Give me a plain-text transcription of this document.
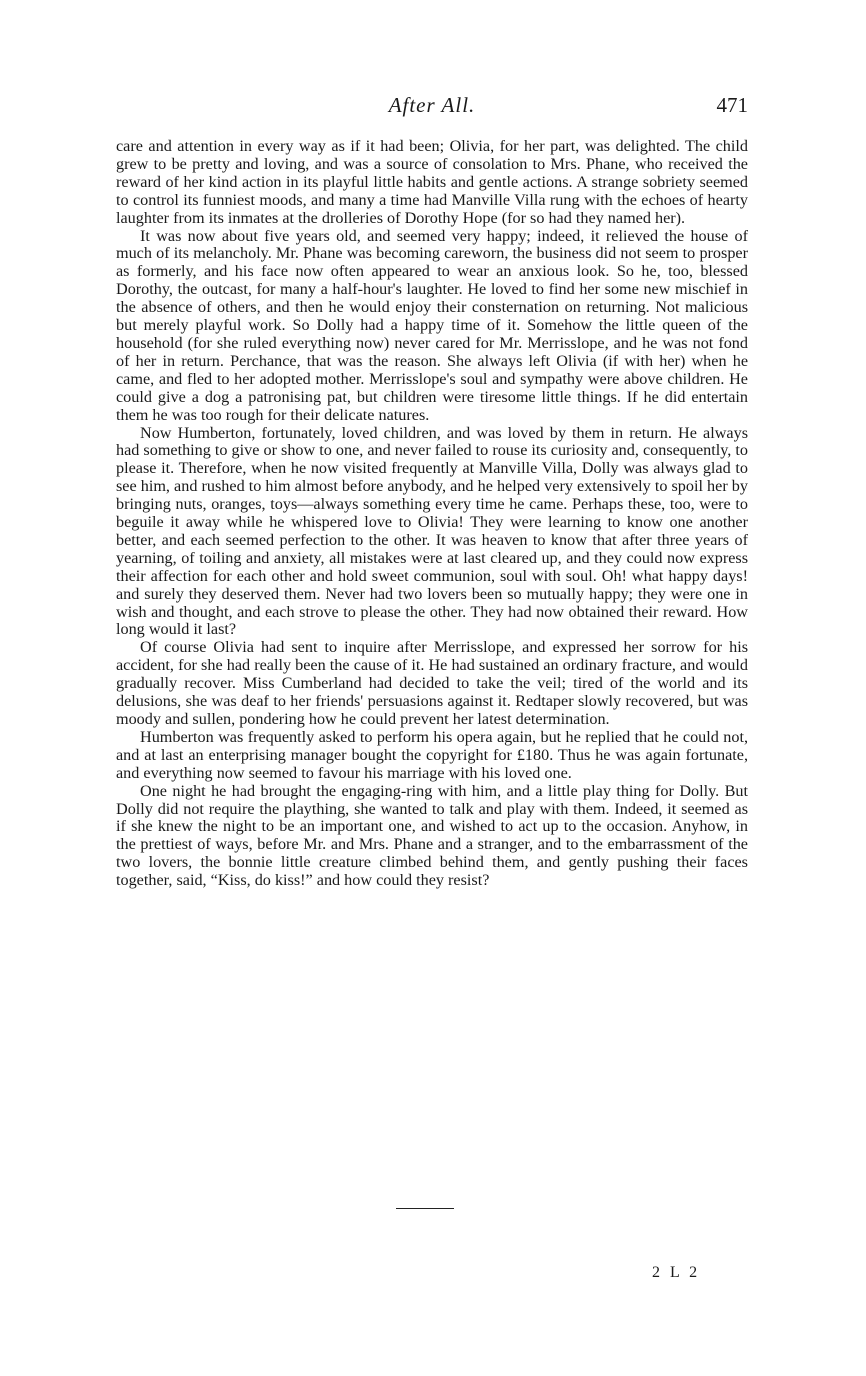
After All.	471

care and attention in every way as if it had been; Olivia, for her part, was delighted. The child grew to be pretty and loving, and was a source of consolation to Mrs. Phane, who received the reward of her kind action in its playful little habits and gentle actions. A strange sobriety seemed to control its funniest moods, and many a time had Manville Villa rung with the echoes of hearty laughter from its inmates at the drolleries of Dorothy Hope (for so had they named her).

It was now about five years old, and seemed very happy; indeed, it relieved the house of much of its melancholy. Mr. Phane was becoming careworn, the business did not seem to prosper as formerly, and his face now often appeared to wear an anxious look. So he, too, blessed Dorothy, the outcast, for many a half-hour's laughter. He loved to find her some new mischief in the absence of others, and then he would enjoy their consternation on returning. Not malicious but merely playful work. So Dolly had a happy time of it. Somehow the little queen of the household (for she ruled everything now) never cared for Mr. Merrisslope, and he was not fond of her in return. Perchance, that was the reason. She always left Olivia (if with her) when he came, and fled to her adopted mother. Merrisslope's soul and sympathy were above children. He could give a dog a patronising pat, but children were tiresome little things. If he did entertain them he was too rough for their delicate natures.

Now Humberton, fortunately, loved children, and was loved by them in return. He always had something to give or show to one, and never failed to rouse its curiosity and, consequently, to please it. Therefore, when he now visited frequently at Manville Villa, Dolly was always glad to see him, and rushed to him almost before anybody, and he helped very extensively to spoil her by bringing nuts, oranges, toys—always something every time he came. Perhaps these, too, were to beguile it away while he whispered love to Olivia! They were learning to know one another better, and each seemed perfection to the other. It was heaven to know that after three years of yearning, of toiling and anxiety, all mistakes were at last cleared up, and they could now express their affection for each other and hold sweet communion, soul with soul. Oh! what happy days! and surely they deserved them. Never had two lovers been so mutually happy; they were one in wish and thought, and each strove to please the other. They had now obtained their reward. How long would it last?

Of course Olivia had sent to inquire after Merrisslope, and expressed her sorrow for his accident, for she had really been the cause of it. He had sustained an ordinary fracture, and would gradually recover. Miss Cumberland had decided to take the veil; tired of the world and its delusions, she was deaf to her friends' persuasions against it. Redtaper slowly recovered, but was moody and sullen, pondering how he could prevent her latest determination.

Humberton was frequently asked to perform his opera again, but he replied that he could not, and at last an enterprising manager bought the copyright for £180. Thus he was again fortunate, and everything now seemed to favour his marriage with his loved one.

One night he had brought the engaging-ring with him, and a little play thing for Dolly. But Dolly did not require the plaything, she wanted to talk and play with them. Indeed, it seemed as if she knew the night to be an important one, and wished to act up to the occasion. Anyhow, in the prettiest of ways, before Mr. and Mrs. Phane and a stranger, and to the embarrassment of the two lovers, the bonnie little creature climbed behind them, and gently pushing their faces together, said, “Kiss, do kiss!” and how could they resist?

2 L 2
